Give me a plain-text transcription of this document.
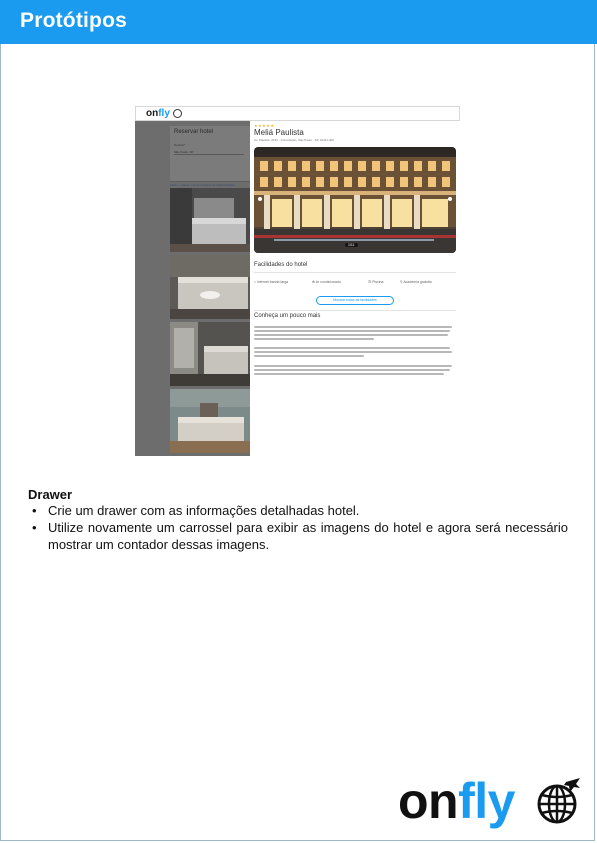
Protótipos
onfly
Reservar hotel
Destino*
São Paulo, SP
Início > Hotéis > Acomodações do Meliá Paulista
★★★★★
Meliá Paulista
Av. Paulista, 2181 - Consolação, São Paulo - SP, 01311-300
1/11
Facilidades do hotel
≈ Internet banda larga	✻ Ar condicionado	☲ Piscina	⚲ Academia gratuita
Mostrar todas as facilidades
Conheça um pouco mais
Drawer
• Crie um drawer com as informações detalhadas hotel.
• Utilize novamente um carrossel para exibir as imagens do hotel e agora será necessário mostrar um contador dessas imagens.
onfly
